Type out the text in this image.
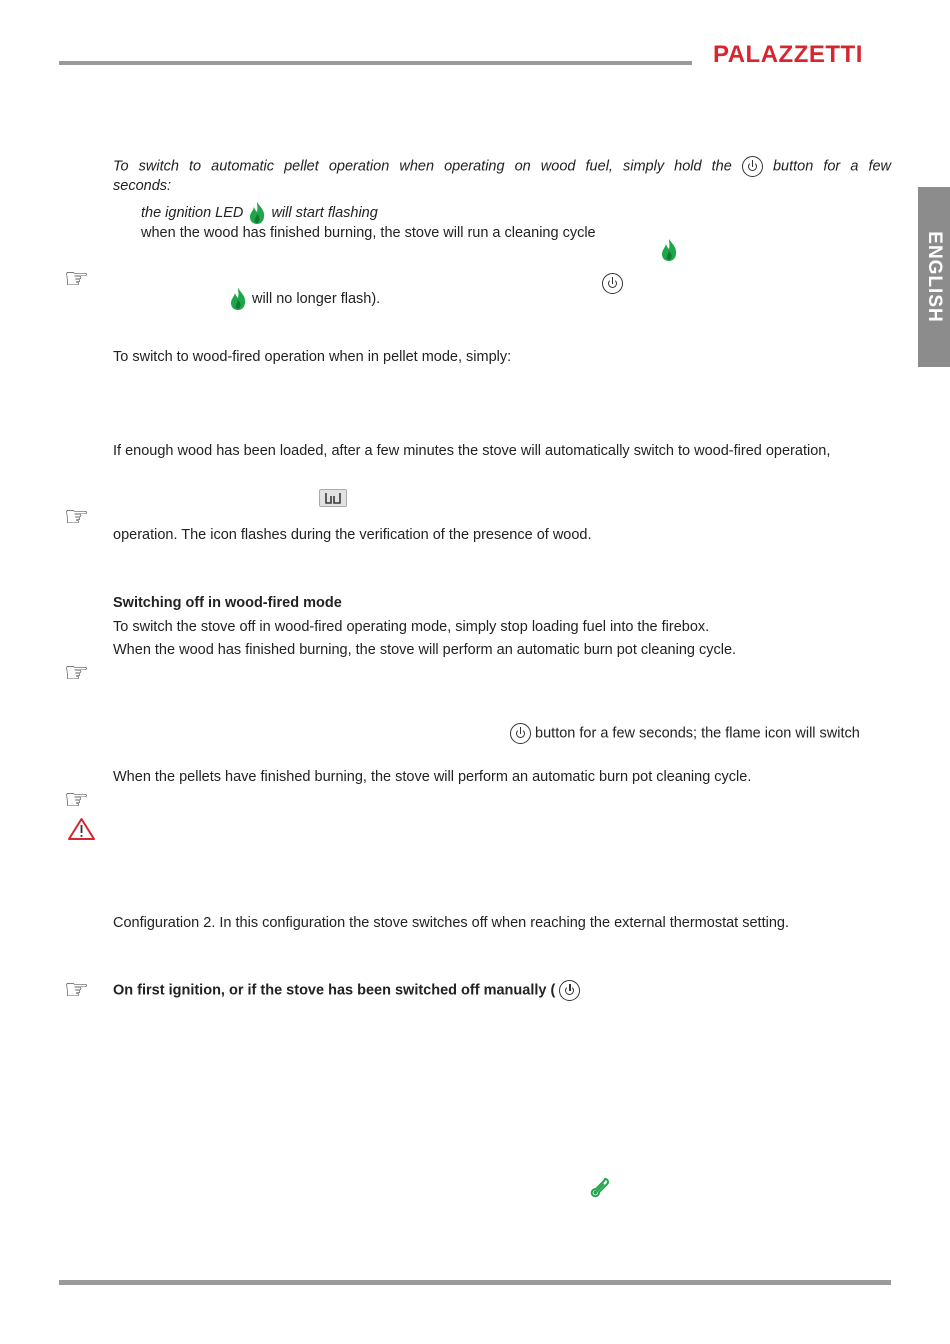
PALAZZETTI
ENGLISH
To switch to automatic pellet operation when operating on wood fuel, simply hold the	button for a few
seconds:
the ignition LED will start flashing
when the wood has finished burning, the stove will run a cleaning cycle
☞

will no longer flash).
To switch to wood-fired operation when in pellet mode, simply:
If enough wood has been loaded, after a few minutes the stove will automatically switch to wood-fired operation,
☞
operation. The icon flashes during the verification of the presence of wood.
Switching off in wood-fired mode
To switch the stove off in wood-fired operating mode, simply stop loading fuel into the firebox.
When the wood has finished burning, the stove will perform an automatic burn pot cleaning cycle.
☞
button for a few seconds; the flame icon will switch
When the pellets have finished burning, the stove will perform an automatic burn pot cleaning cycle.
☞
Configuration 2. In this configuration the stove switches off when reaching the external thermostat setting.
☞ On first ignition, or if the stove has been switched off manually (
